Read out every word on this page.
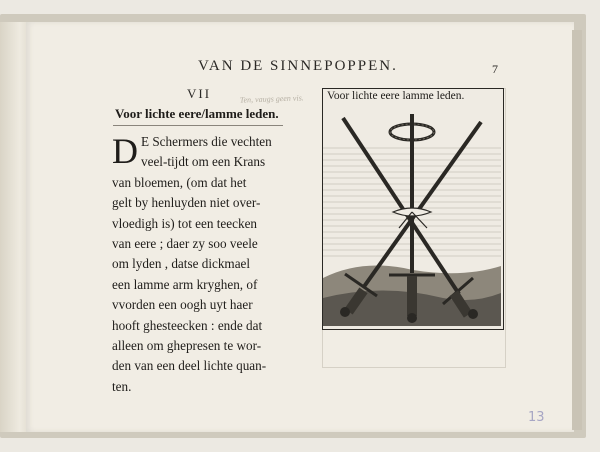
VAN DE SINNEPOPPEN.	7
Ten, vaugs geen vis.
VII
Voor lichte eere/lamme leden.
D E Schermers die vechten
veel-tijdt om een Krans
van bloemen, (om dat het
gelt by henluyden niet over-
vloedigh is) tot een teecken
van eere ; daer zy soo veele
om lyden , datse dickmael
een lamme arm kryghen, of
vvorden een oogh uyt haer
hooft ghesteecken : ende dat
alleen om ghepresen te wor-
den van een deel lichte quan-
ten.
Voor lichte eere lamme leden.
13
